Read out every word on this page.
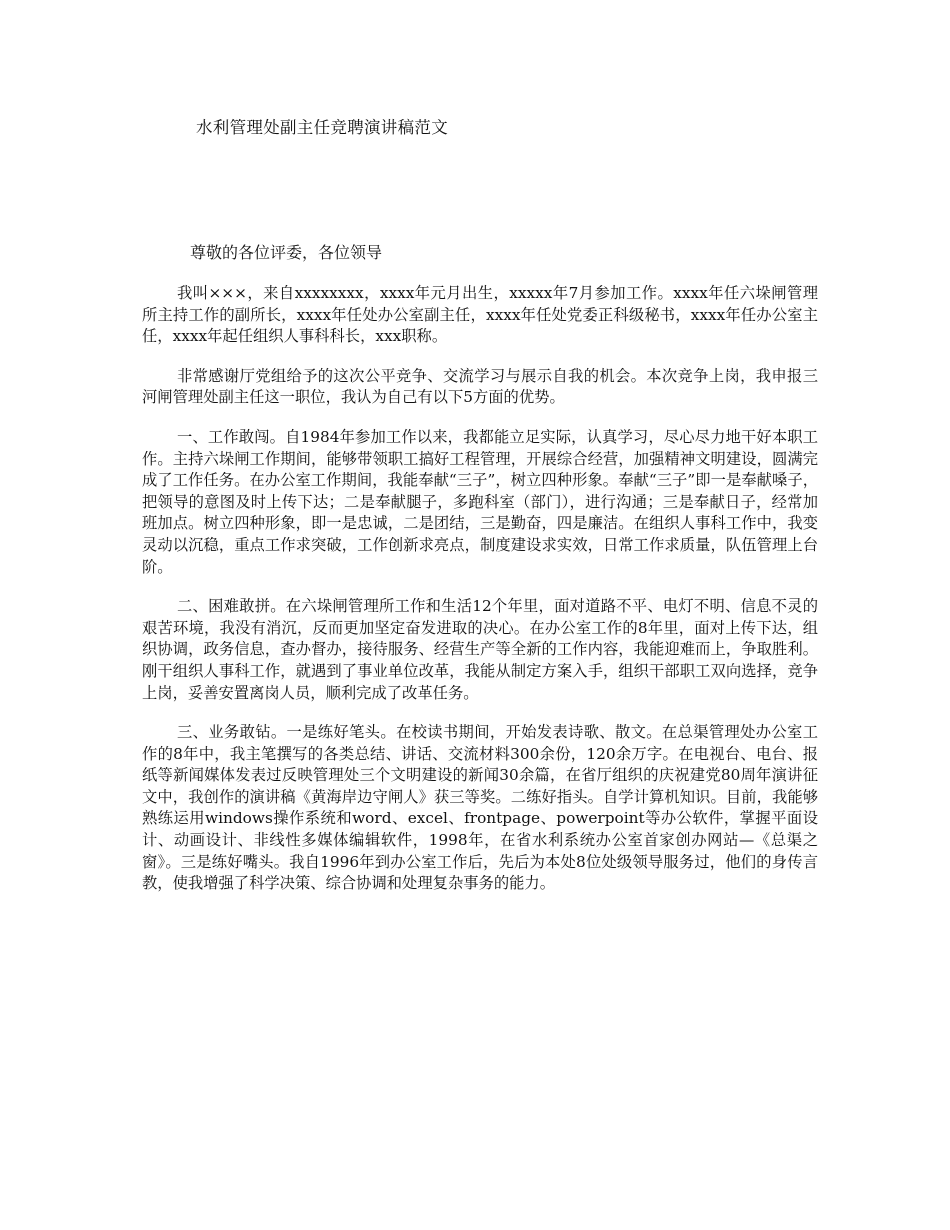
水利管理处副主任竞聘演讲稿范文

尊敬的各位评委，各位领导

我叫×××，来自xxxxxxxx，xxxx年元月出生，xxxxx年7月参加工作。xxxx年任六垛闸管理所主持工作的副所长，xxxx年任处办公室副主任，xxxx年任处党委正科级秘书，xxxx年任办公室主任，xxxx年起任组织人事科科长，xxx职称。

非常感谢厅党组给予的这次公平竞争、交流学习与展示自我的机会。本次竞争上岗，我申报三河闸管理处副主任这一职位，我认为自己有以下5方面的优势。

一、工作敢闯。自1984年参加工作以来，我都能立足实际，认真学习，尽心尽力地干好本职工作。主持六垛闸工作期间，能够带领职工搞好工程管理，开展综合经营，加强精神文明建设，圆满完成了工作任务。在办公室工作期间，我能奉献“三子”，树立四种形象。奉献“三子”即一是奉献嗓子，把领导的意图及时上传下达；二是奉献腿子，多跑科室（部门），进行沟通；三是奉献日子，经常加班加点。树立四种形象，即一是忠诚，二是团结，三是勤奋，四是廉洁。在组织人事科工作中，我变灵动以沉稳，重点工作求突破，工作创新求亮点，制度建设求实效，日常工作求质量，队伍管理上台阶。

二、困难敢拼。在六垛闸管理所工作和生活12个年里，面对道路不平、电灯不明、信息不灵的艰苦环境，我没有消沉，反而更加坚定奋发进取的决心。在办公室工作的8年里，面对上传下达，组织协调，政务信息，查办督办，接待服务、经营生产等全新的工作内容，我能迎难而上，争取胜利。刚干组织人事科工作，就遇到了事业单位改革，我能从制定方案入手，组织干部职工双向选择，竞争上岗，妥善安置离岗人员，顺利完成了改革任务。

三、业务敢钻。一是练好笔头。在校读书期间，开始发表诗歌、散文。在总渠管理处办公室工作的8年中，我主笔撰写的各类总结、讲话、交流材料300余份，120余万字。在电视台、电台、报纸等新闻媒体发表过反映管理处三个文明建设的新闻30余篇，在省厅组织的庆祝建党80周年演讲征文中，我创作的演讲稿《黄海岸边守闸人》获三等奖。二练好指头。自学计算机知识。目前，我能够熟练运用windows操作系统和word、excel、frontpage、powerpoint等办公软件，掌握平面设计、动画设计、非线性多媒体编辑软件，1998年，在省水利系统办公室首家创办网站—《总渠之窗》。三是练好嘴头。我自1996年到办公室工作后，先后为本处8位处级领导服务过，他们的身传言教，使我增强了科学决策、综合协调和处理复杂事务的能力。
